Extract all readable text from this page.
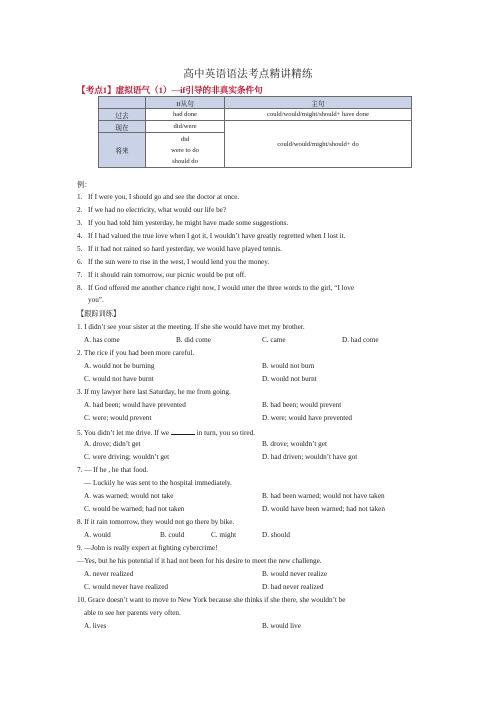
高中英语语法考点精讲精练
【考点1】虚拟语气（1）—if引导的非真实条件句
	If从句	主句
过去	had done	could/would/might/should+ have done
现在	did/were	could/would/might/should+ do
将来	did
were to do
should do	
例：
1. If I were you, I should go and see the doctor at once.
2. If we had no electricity, what would our life be?
3. If you had told him yesterday, he might have made some suggestions.
4. If I had valued the true love when I got it, I wouldn’t have greatly regretted when I lost it.
5. If it had not rained so hard yesterday, we would have played tennis.
6. If the sun were to rise in the west, I would lend you the money.
7. If it should rain tomorrow, our picnic would be put off.
8. If God offered me another chance right now, I would utter the three words to the girl, “I love
you”.
【跟踪训练】
1. I didn’t see your sister at the meeting. If she she would have met my brother.
A. has come	B. did come	C. came	D. had come
2. The rice if you had been more careful.
A. would not be burning	B. would not burn
C. would not have burnt	D. would not burnt
3. If my lawyer here last Saturday, he me from going.
A. had been; would have prevented	B. had been; would prevent
C. were; would prevent	D. were; would have prevented
5. You didn’t let me drive. If we	in turn, you so tired.
A. drove; didn’t get	B. drove; wouldn’t get
C. were driving; wouldn’t get	D. had driven; wouldn’t have got
7. — If he , he that food.
— Luckily he was sent to the hospital immediately.
A. was warned; would not take	B. had been warned; would not have taken
C. would be warned; had not taken	D. would have been warned; had not taken
8. If it rain tomorrow, they would not go there by bike.
A. would	B. could	C. might	D. should
9. —John is really expert at fighting cybercrime!
—Yes, but he his potential if it had not been for his desire to meet the new challenge.
A. never realized	B. would never realize
C. would never have realized	D. had never realized
10. Grace doesn’t want to move to New York because she thinks if she there, she wouldn’t be
able to see her parents very often.
A. lives	B. would live
